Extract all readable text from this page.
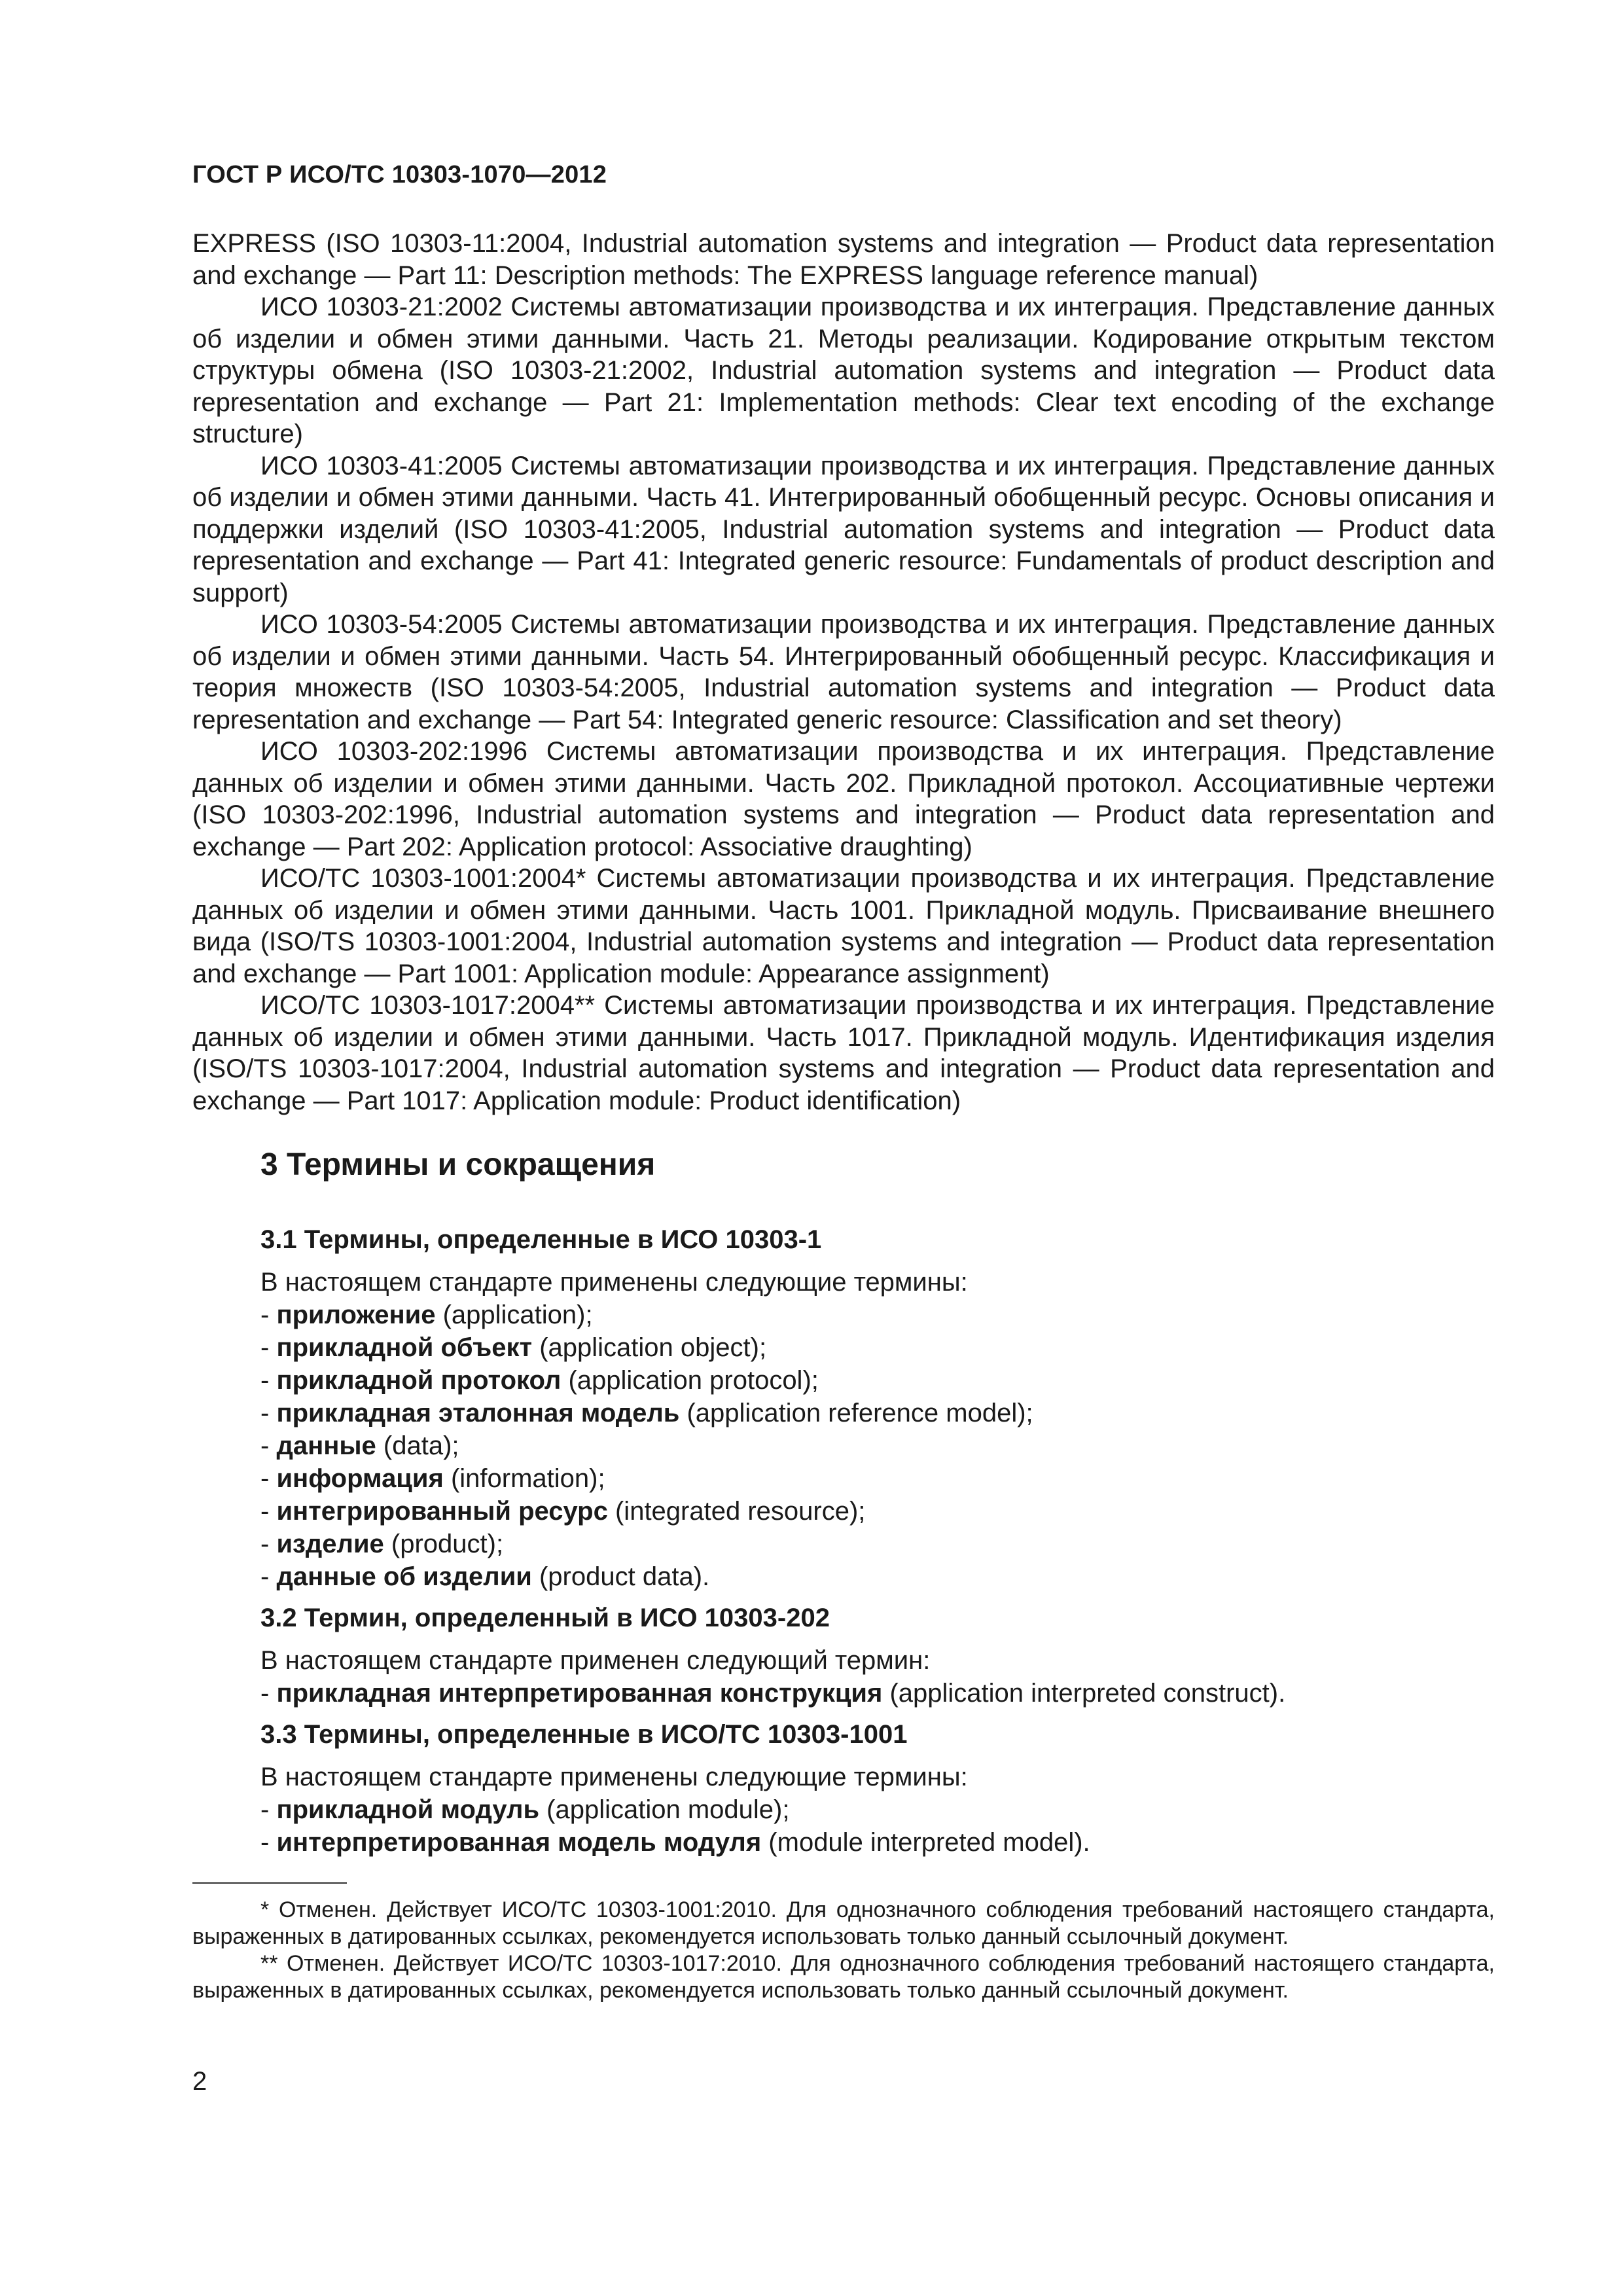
ГОСТ Р ИСО/ТС 10303-1070—2012

EXPRESS (ISO 10303-11:2004, Industrial automation systems and integration — Product data representation and exchange — Part 11: Description methods: The EXPRESS language reference manual)

ИСО 10303-21:2002 Системы автоматизации производства и их интеграция. Представление данных об изделии и обмен этими данными. Часть 21. Методы реализации. Кодирование открытым текстом структуры обмена (ISO 10303-21:2002, Industrial automation systems and integration — Product data representation and exchange — Part 21: Implementation methods: Clear text encoding of the exchange structure)

ИСО 10303-41:2005 Системы автоматизации производства и их интеграция. Представление данных об изделии и обмен этими данными. Часть 41. Интегрированный обобщенный ресурс. Основы описания и поддержки изделий (ISO 10303-41:2005, Industrial automation systems and integration — Product data representation and exchange — Part 41: Integrated generic resource: Fundamentals of product description and support)

ИСО 10303-54:2005 Системы автоматизации производства и их интеграция. Представление данных об изделии и обмен этими данными. Часть 54. Интегрированный обобщенный ресурс. Классификация и теория множеств (ISO 10303-54:2005, Industrial automation systems and integration — Product data representation and exchange — Part 54: Integrated generic resource: Classification and set theory)

ИСО 10303-202:1996 Системы автоматизации производства и их интеграция. Представление данных об изделии и обмен этими данными. Часть 202. Прикладной протокол. Ассоциативные чертежи (ISO 10303-202:1996, Industrial automation systems and integration — Product data representation and exchange — Part 202: Application protocol: Associative draughting)

ИСО/ТС 10303-1001:2004* Системы автоматизации производства и их интеграция. Представление данных об изделии и обмен этими данными. Часть 1001. Прикладной модуль. Присваивание внешнего вида (ISO/TS 10303-1001:2004, Industrial automation systems and integration — Product data representation and exchange — Part 1001: Application module: Appearance assignment)

ИСО/ТС 10303-1017:2004** Системы автоматизации производства и их интеграция. Представление данных об изделии и обмен этими данными. Часть 1017. Прикладной модуль. Идентификация изделия (ISO/TS 10303-1017:2004, Industrial automation systems and integration — Product data representation and exchange — Part 1017: Application module: Product identification)

3 Термины и сокращения
3.1 Термины, определенные в ИСО 10303-1

В настоящем стандарте применены следующие термины:

- приложение (application);

- прикладной объект (application object);

- прикладной протокол (application protocol);

- прикладная эталонная модель (application reference model);

- данные (data);

- информация (information);

- интегрированный ресурс (integrated resource);

- изделие (product);

- данные об изделии (product data).

3.2 Термин, определенный в ИСО 10303-202

В настоящем стандарте применен следующий термин:

- прикладная интерпретированная конструкция (application interpreted construct).

3.3 Термины, определенные в ИСО/ТС 10303-1001

В настоящем стандарте применены следующие термины:

- прикладной модуль (application module);

- интерпретированная модель модуля (module interpreted model).

* Отменен. Действует ИСО/ТС 10303-1001:2010. Для однозначного соблюдения требований настоящего стандарта, выраженных в датированных ссылках, рекомендуется использовать только данный ссылочный документ.

** Отменен. Действует ИСО/ТС 10303-1017:2010. Для однозначного соблюдения требований настоящего стандарта, выраженных в датированных ссылках, рекомендуется использовать только данный ссылочный документ.

2
